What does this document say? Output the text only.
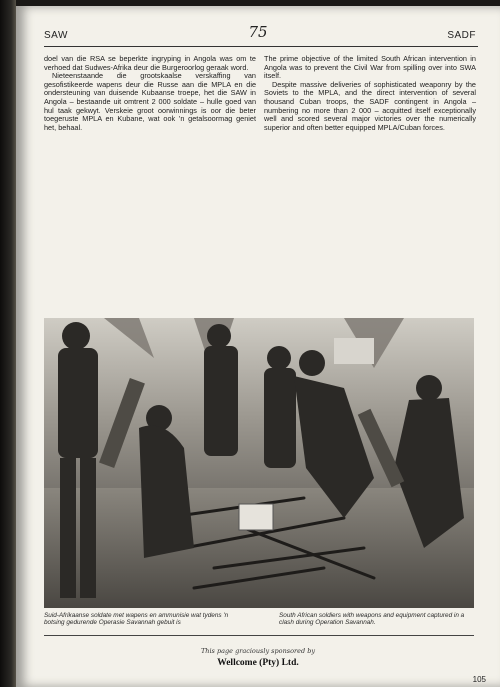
SAW	75	SADF

doel van die RSA se beperkte ingryping in Angola was om te verhoed dat Sudwes-Afrika deur die Burgeroorlog geraak word.

Nieteenstaande die grootskaalse verskaffing van gesofistikeerde wapens deur die Russe aan die MPLA en die ondersteuning van duisende Kubaanse troepe, het die SAW in Angola – bestaande uit omtrent 2 000 soldate – hulle goed van hul taak gekwyt. Verskeie groot oorwinnings is oor die beter toegeruste MPLA en Kubane, wat ook 'n getalsoormag geniet het, behaal.

The prime objective of the limited South African intervention in Angola was to prevent the Civil War from spilling over into SWA itself.

Despite massive deliveries of sophisticated weaponry by the Soviets to the MPLA, and the direct intervention of several thousand Cuban troops, the SADF contingent in Angola – numbering no more than 2 000 – acquitted itself exceptionally well and scored several major victories over the numerically superior and often better equipped MPLA/Cuban forces.

Suid-Afrikaanse soldate met wapens en ammunisie wat tydens 'n botsing gedurende Operasie Savannah gebuit is
South African soldiers with weapons and equipment captured in a clash during Operation Savannah.
This page graciously sponsored by
Wellcome (Pty) Ltd.
105
